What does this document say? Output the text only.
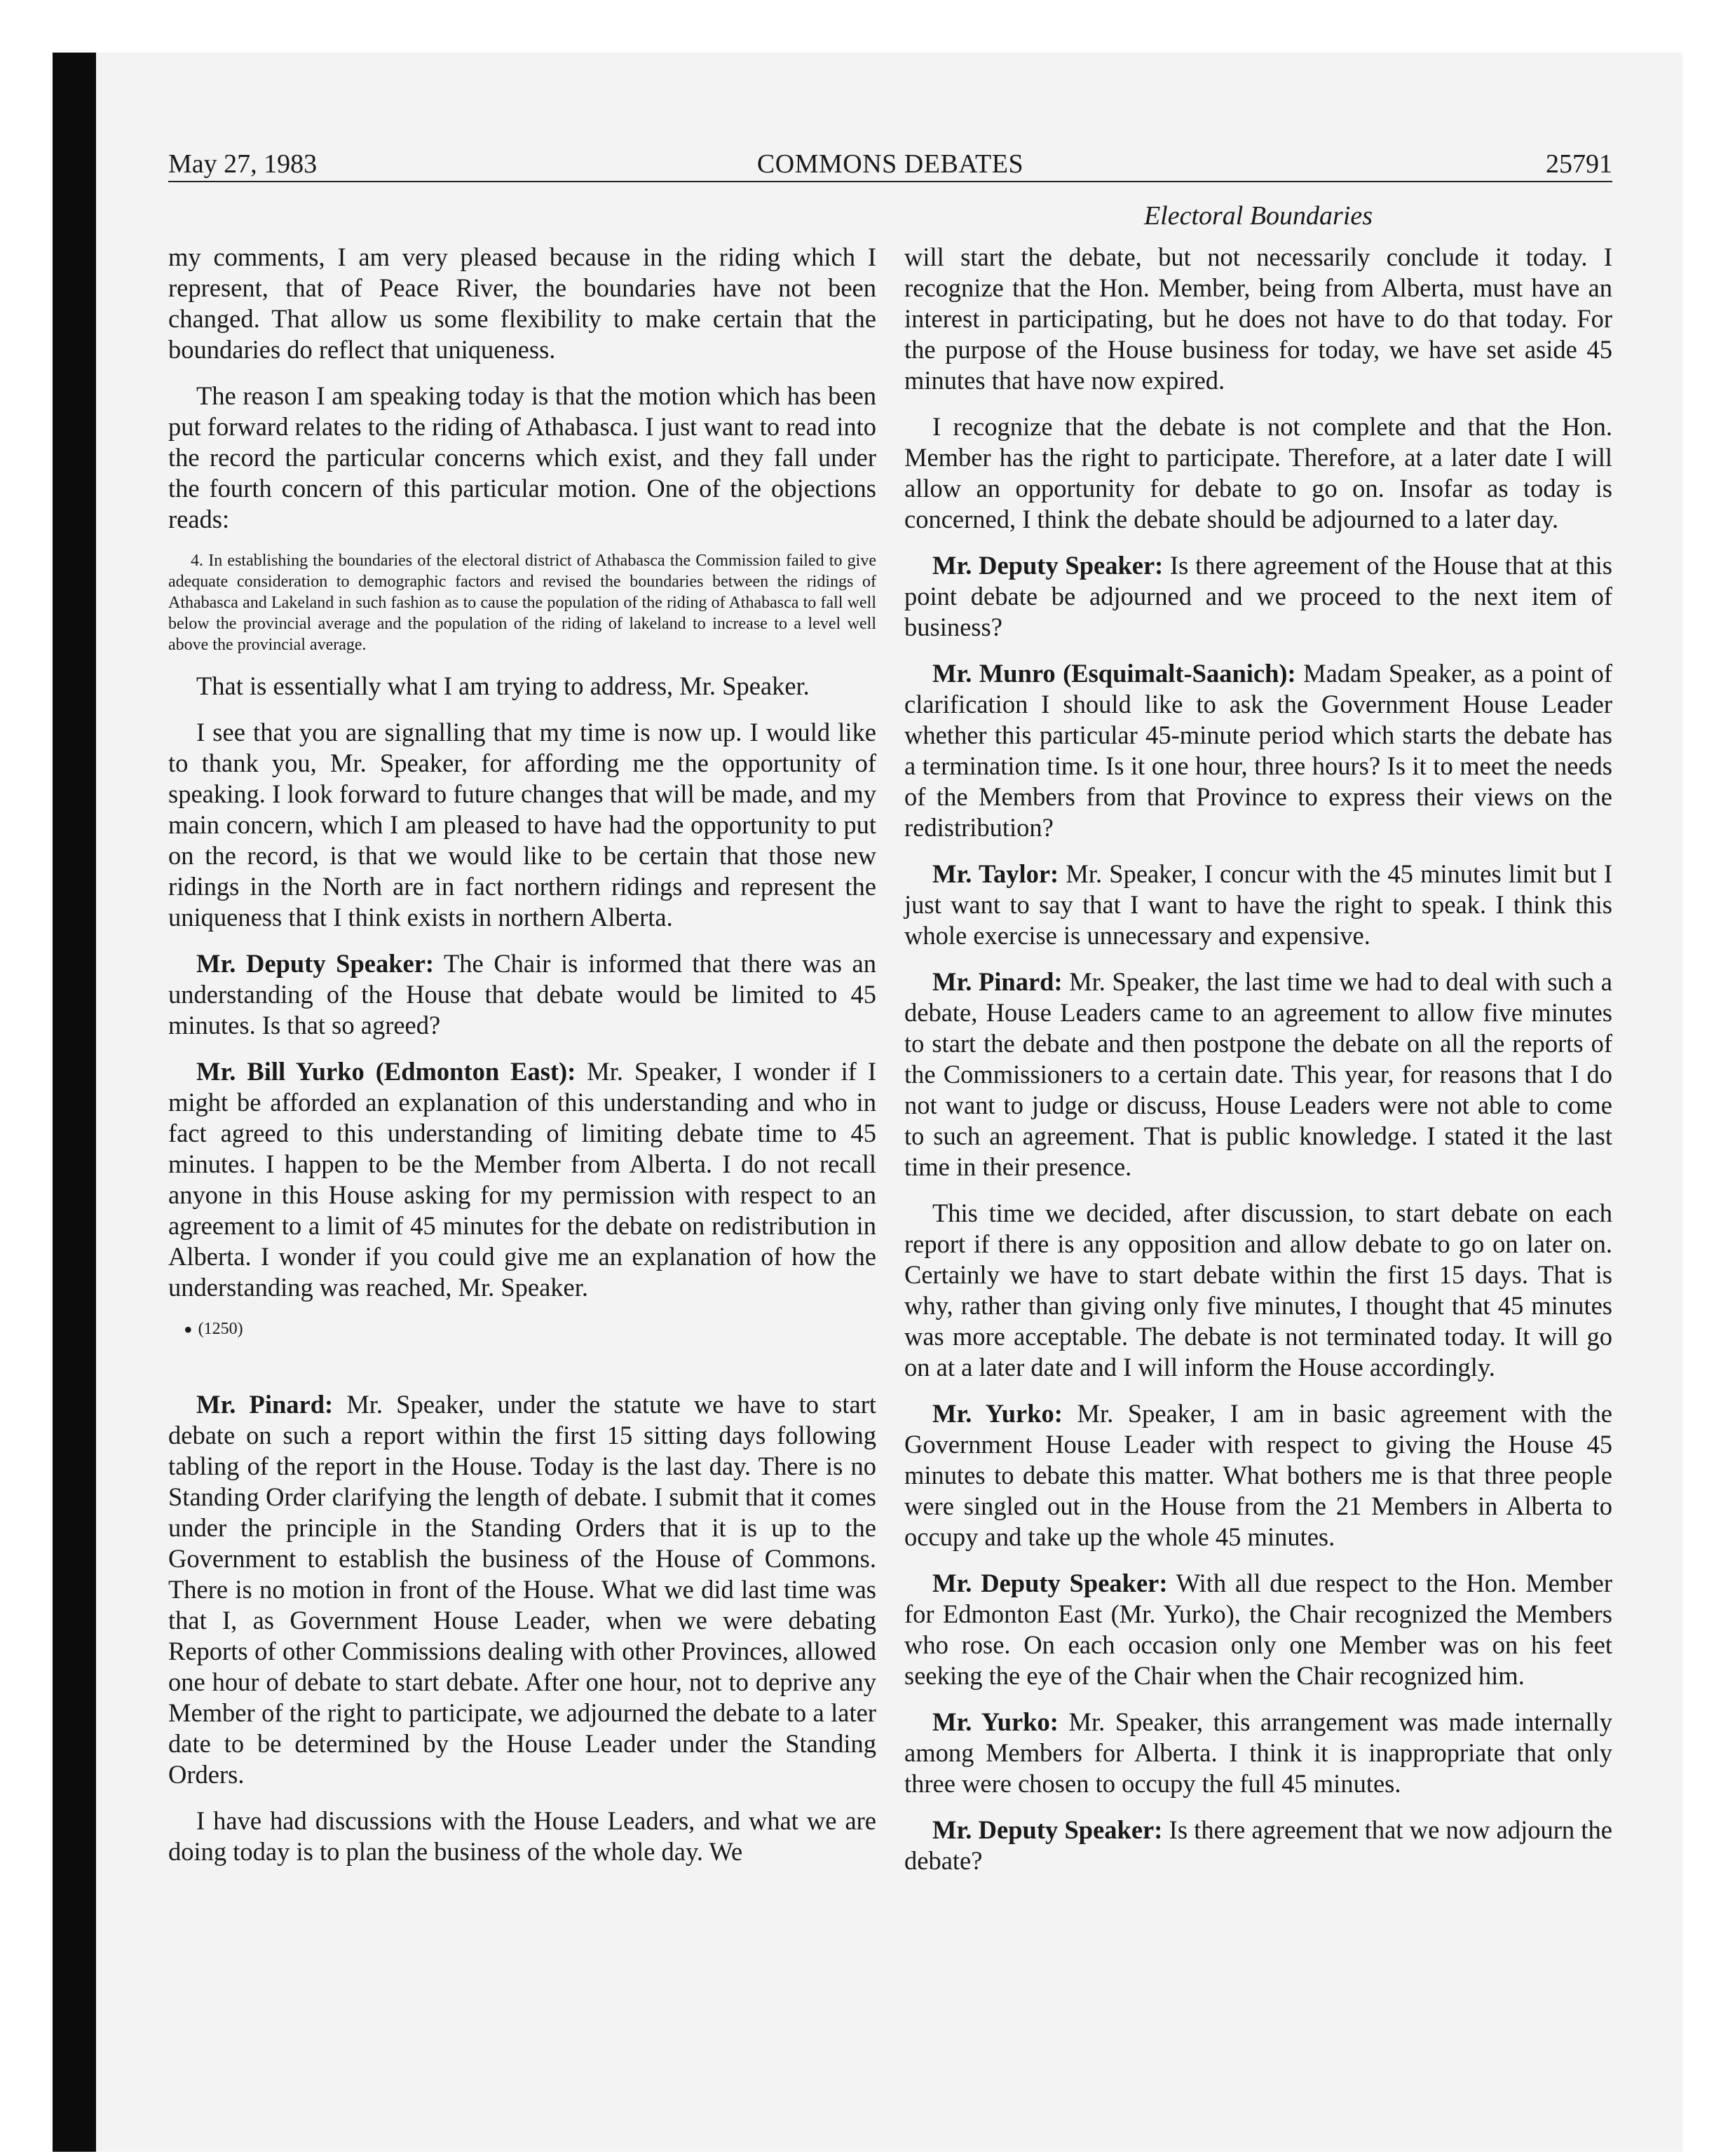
May 27, 1983	COMMONS DEBATES	25791
Electoral Boundaries

my comments, I am very pleased because in the riding which I represent, that of Peace River, the boundaries have not been changed. That allow us some flexibility to make certain that the boundaries do reflect that uniqueness.

The reason I am speaking today is that the motion which has been put forward relates to the riding of Athabasca. I just want to read into the record the particular concerns which exist, and they fall under the fourth concern of this particular motion. One of the objections reads:

4. In establishing the boundaries of the electoral district of Athabasca the Commission failed to give adequate consideration to demographic factors and revised the boundaries between the ridings of Athabasca and Lakeland in such fashion as to cause the population of the riding of Athabasca to fall well below the provincial average and the population of the riding of lakeland to increase to a level well above the provincial average.

That is essentially what I am trying to address, Mr. Speaker.

I see that you are signalling that my time is now up. I would like to thank you, Mr. Speaker, for affording me the opportunity of speaking. I look forward to future changes that will be made, and my main concern, which I am pleased to have had the opportunity to put on the record, is that we would like to be certain that those new ridings in the North are in fact northern ridings and represent the uniqueness that I think exists in northern Alberta.

Mr. Deputy Speaker: The Chair is informed that there was an understanding of the House that debate would be limited to 45 minutes. Is that so agreed?

Mr. Bill Yurko (Edmonton East): Mr. Speaker, I wonder if I might be afforded an explanation of this understanding and who in fact agreed to this understanding of limiting debate time to 45 minutes. I happen to be the Member from Alberta. I do not recall anyone in this House asking for my permission with respect to an agreement to a limit of 45 minutes for the debate on redistribution in Alberta. I wonder if you could give me an explanation of how the understanding was reached, Mr. Speaker.

• (1250)

Mr. Pinard: Mr. Speaker, under the statute we have to start debate on such a report within the first 15 sitting days following tabling of the report in the House. Today is the last day. There is no Standing Order clarifying the length of debate. I submit that it comes under the principle in the Standing Orders that it is up to the Government to establish the business of the House of Commons. There is no motion in front of the House. What we did last time was that I, as Government House Leader, when we were debating Reports of other Commissions dealing with other Provinces, allowed one hour of debate to start debate. After one hour, not to deprive any Member of the right to participate, we adjourned the debate to a later date to be determined by the House Leader under the Standing Orders.

I have had discussions with the House Leaders, and what we are doing today is to plan the business of the whole day. We

will start the debate, but not necessarily conclude it today. I recognize that the Hon. Member, being from Alberta, must have an interest in participating, but he does not have to do that today. For the purpose of the House business for today, we have set aside 45 minutes that have now expired.

I recognize that the debate is not complete and that the Hon. Member has the right to participate. Therefore, at a later date I will allow an opportunity for debate to go on. Insofar as today is concerned, I think the debate should be adjourned to a later day.

Mr. Deputy Speaker: Is there agreement of the House that at this point debate be adjourned and we proceed to the next item of business?

Mr. Munro (Esquimalt-Saanich): Madam Speaker, as a point of clarification I should like to ask the Government House Leader whether this particular 45-minute period which starts the debate has a termination time. Is it one hour, three hours? Is it to meet the needs of the Members from that Province to express their views on the redistribution?

Mr. Taylor: Mr. Speaker, I concur with the 45 minutes limit but I just want to say that I want to have the right to speak. I think this whole exercise is unnecessary and expensive.

Mr. Pinard: Mr. Speaker, the last time we had to deal with such a debate, House Leaders came to an agreement to allow five minutes to start the debate and then postpone the debate on all the reports of the Commissioners to a certain date. This year, for reasons that I do not want to judge or discuss, House Leaders were not able to come to such an agreement. That is public knowledge. I stated it the last time in their presence.

This time we decided, after discussion, to start debate on each report if there is any opposition and allow debate to go on later on. Certainly we have to start debate within the first 15 days. That is why, rather than giving only five minutes, I thought that 45 minutes was more acceptable. The debate is not terminated today. It will go on at a later date and I will inform the House accordingly.

Mr. Yurko: Mr. Speaker, I am in basic agreement with the Government House Leader with respect to giving the House 45 minutes to debate this matter. What bothers me is that three people were singled out in the House from the 21 Members in Alberta to occupy and take up the whole 45 minutes.

Mr. Deputy Speaker: With all due respect to the Hon. Member for Edmonton East (Mr. Yurko), the Chair recognized the Members who rose. On each occasion only one Member was on his feet seeking the eye of the Chair when the Chair recognized him.

Mr. Yurko: Mr. Speaker, this arrangement was made internally among Members for Alberta. I think it is inappropriate that only three were chosen to occupy the full 45 minutes.

Mr. Deputy Speaker: Is there agreement that we now adjourn the debate?
